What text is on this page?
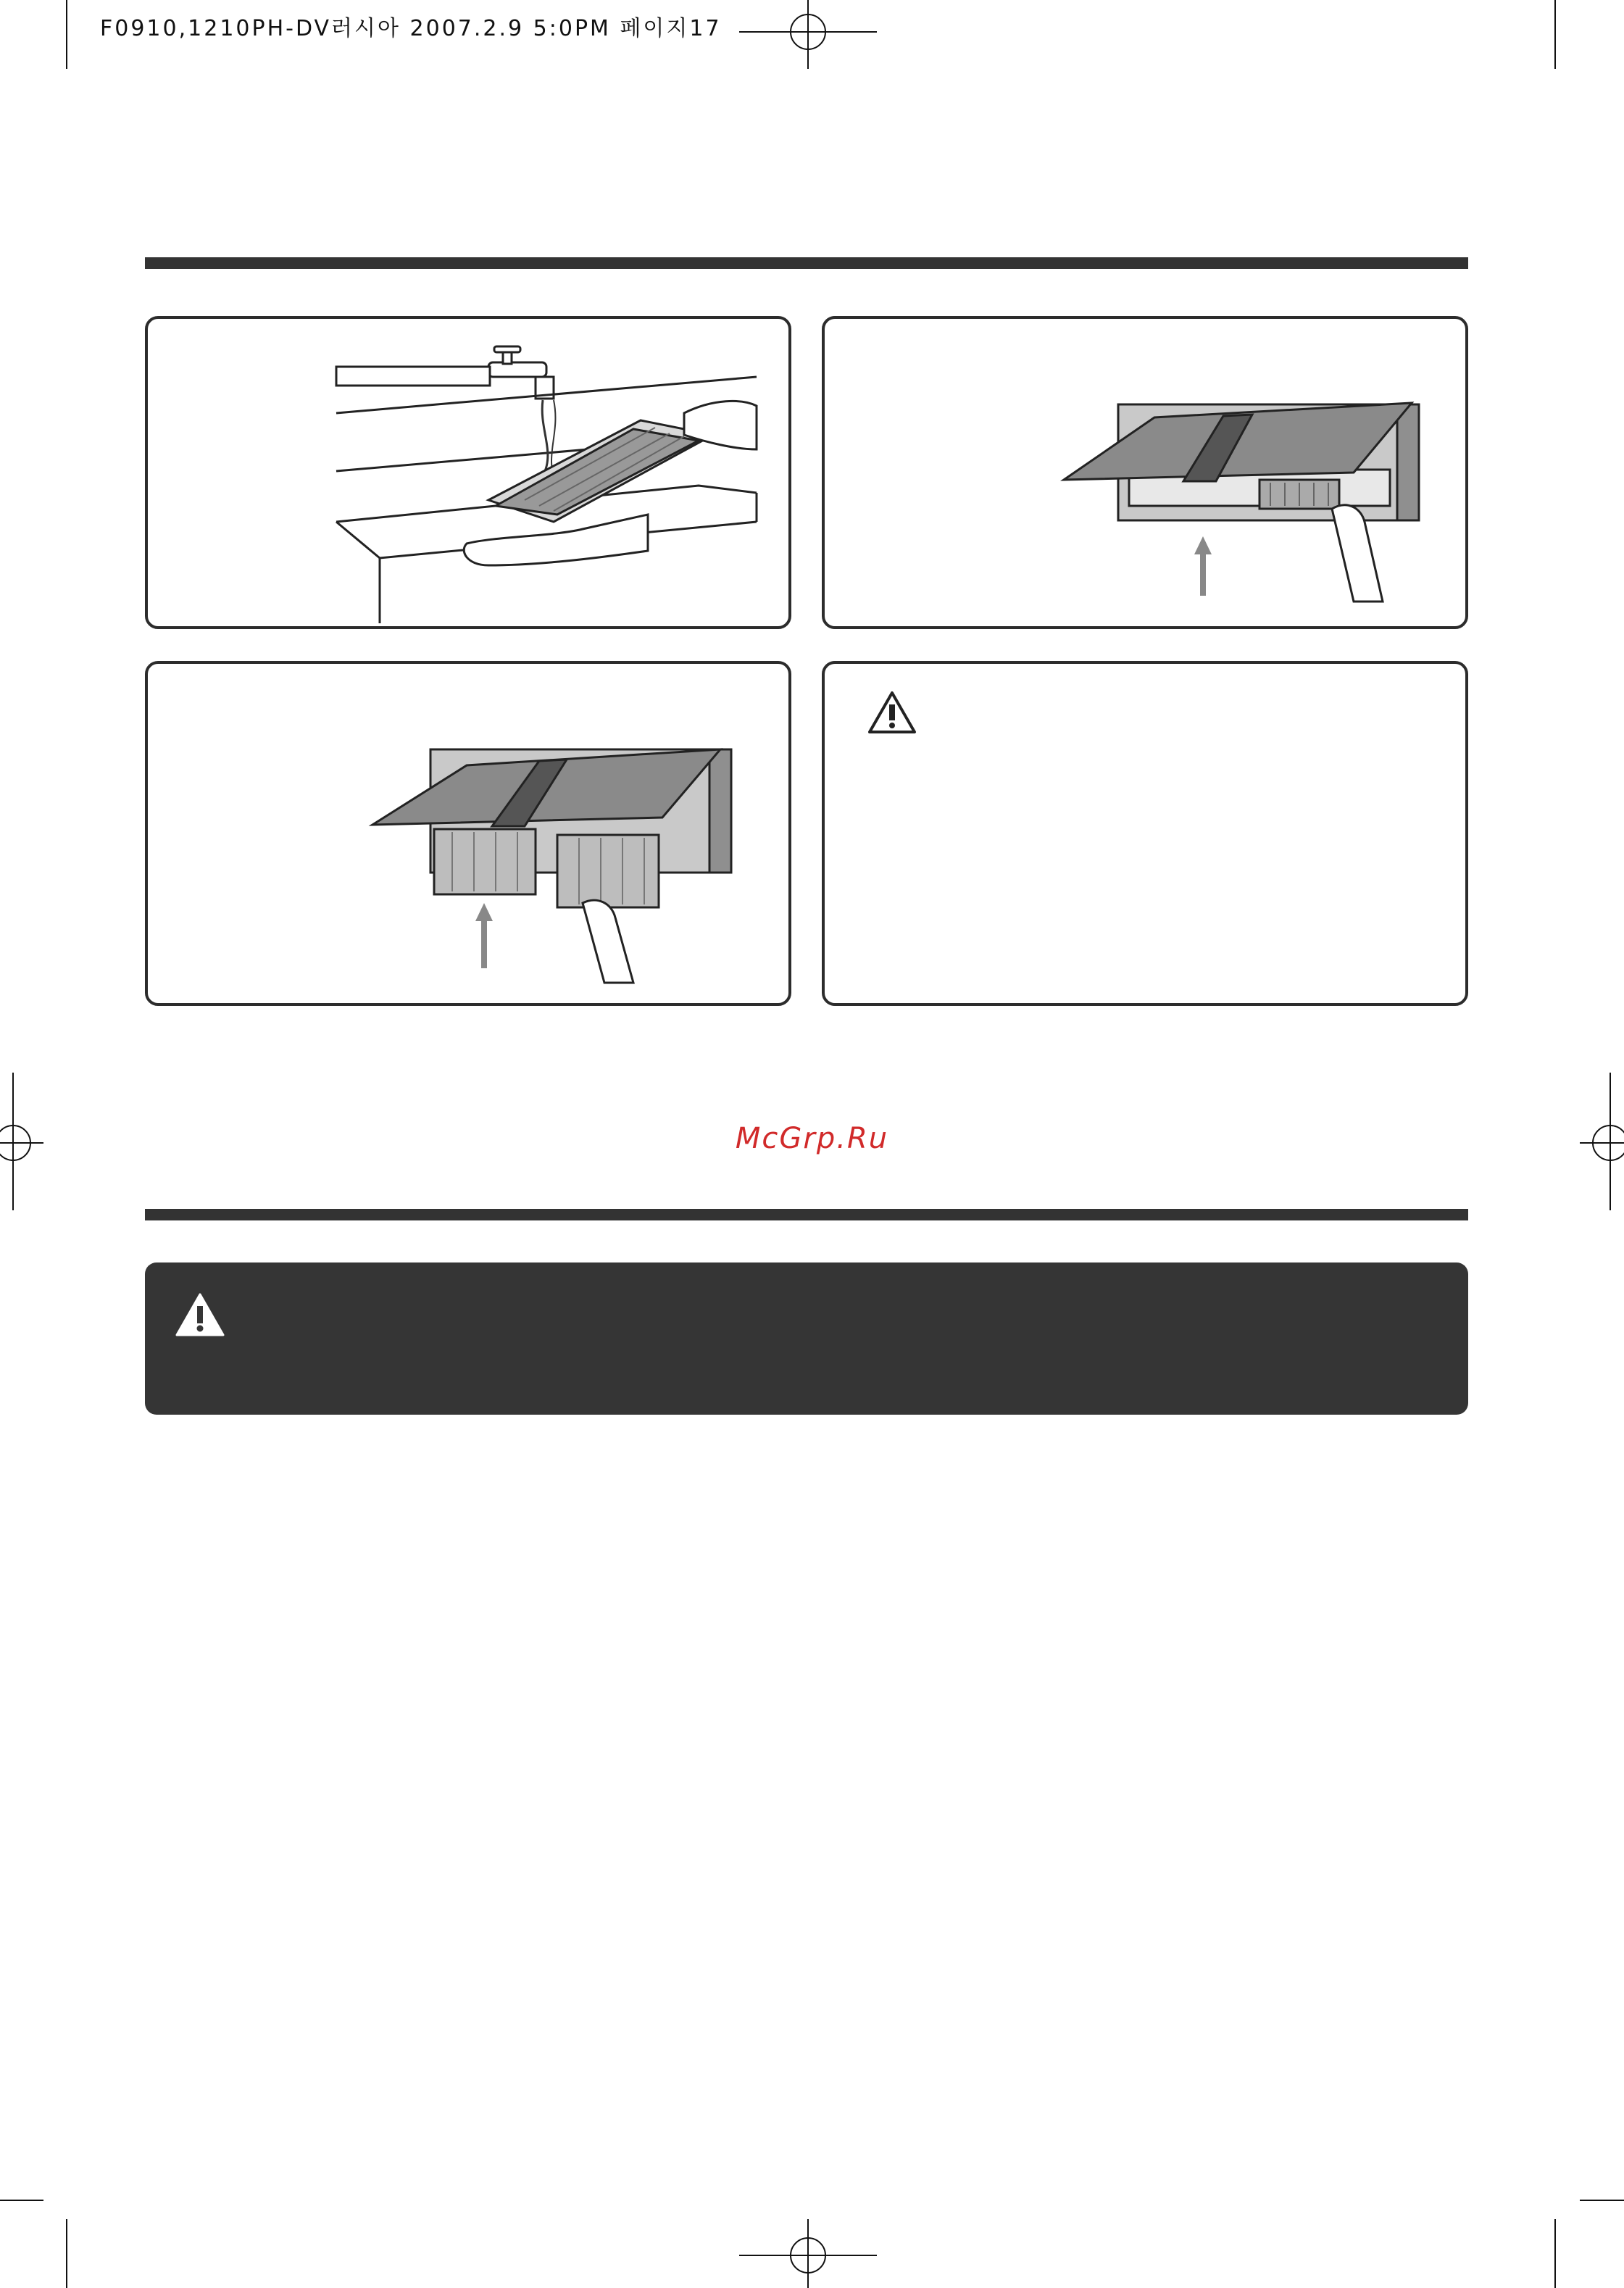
F0910,1210PH-DV러시아 2007.2.9 5:0PM 페이지17
McGrp.Ru
